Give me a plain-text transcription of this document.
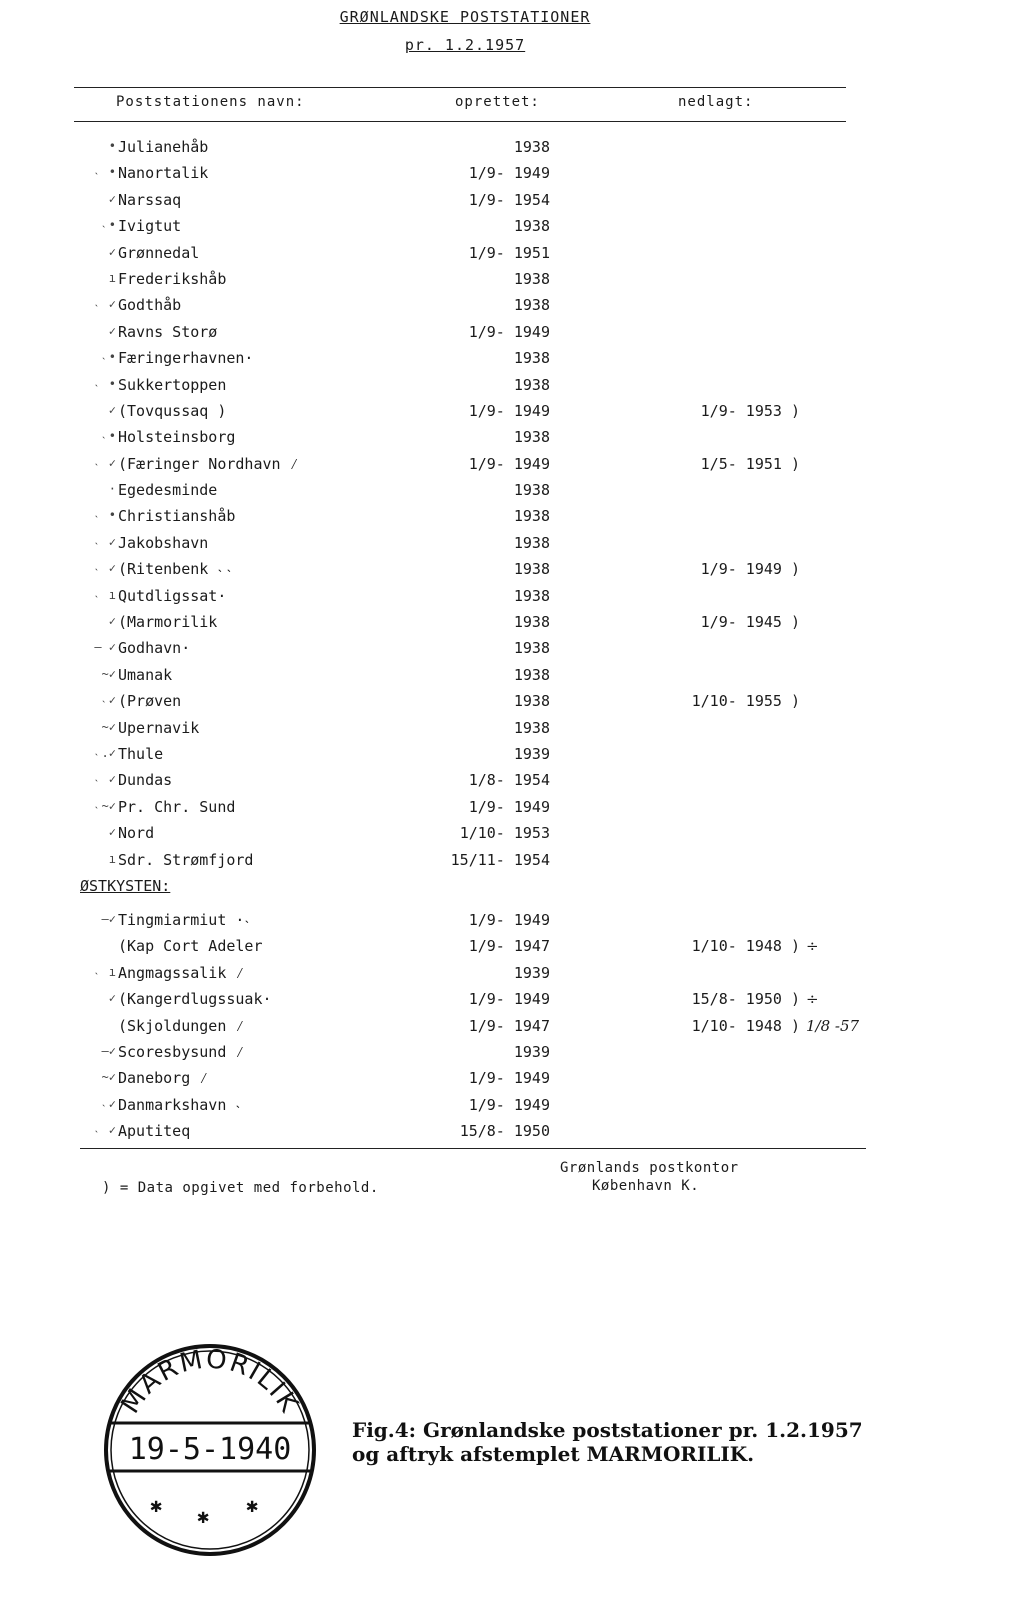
GRØNLANDSKE POSTSTATIONER
pr. 1.2.1957
Poststationens navn:	oprettet:	nedlagt:
• Julianehåb	1938
˴ • Nanortalik	1/9- 1949
✓ Narssaq	1/9- 1954
˴• Ivigtut	1938
✓ Grønnedal	1/9- 1951
ı Frederikshåb	1938
˴ ✓ Godthåb	1938
✓ Ravns Storø	1/9- 1949
˴• Færingerhavnen·	1938
˴ • Sukkertoppen	1938
✓ (Tovqussaq )	1/9- 1949	1/9- 1953 )
˴• Holsteinsborg	1938
˴ ✓ (Færinger Nordhavn ⁄	1/9- 1949	1/5- 1951 )
· Egedesminde	1938
˴ • Christianshåb	1938
˴ ✓ Jakobshavn	1938
˴ ✓ (Ritenbenk ˴˴	1938	1/9- 1949 )
˴ ı Qutdligssat·	1938
✓ (Marmorilik	1938	1/9- 1945 )
— ✓ Godhavn·	1938
~✓ Umanak	1938
˴✓ (Prøven	1938	1/10- 1955 )
~✓ Upernavik	1938
˴.✓ Thule	1939
˴ ✓ Dundas	1/8- 1954
˴~✓ Pr. Chr. Sund	1/9- 1949
✓ Nord	1/10- 1953
ı Sdr. Strømfjord	15/11- 1954
ØSTKYSTEN:
—✓ Tingmiarmiut ·˴	1/9- 1949
(Kap Cort Adeler	1/9- 1947	1/10- 1948 ) ÷
˴ ı Angmagssalik ⁄	1939
✓ (Kangerdlugssuak·	1/9- 1949	15/8- 1950 ) ÷
(Skjoldungen ⁄	1/9- 1947	1/10- 1948 ) 1/8 -57
—✓ Scoresbysund ⁄	1939
~✓ Daneborg ⁄	1/9- 1949
˴✓ Danmarkshavn ˴	1/9- 1949
˴ ✓ Aputiteq	15/8- 1950
) = Data opgivet med forbehold.
Grønlands postkontor
København K.
MARMORILIK
19-5-1940
✱ ✱ ✱
Fig.4: Grønlandske poststationer pr. 1.2.1957
og aftryk afstemplet MARMORILIK.
